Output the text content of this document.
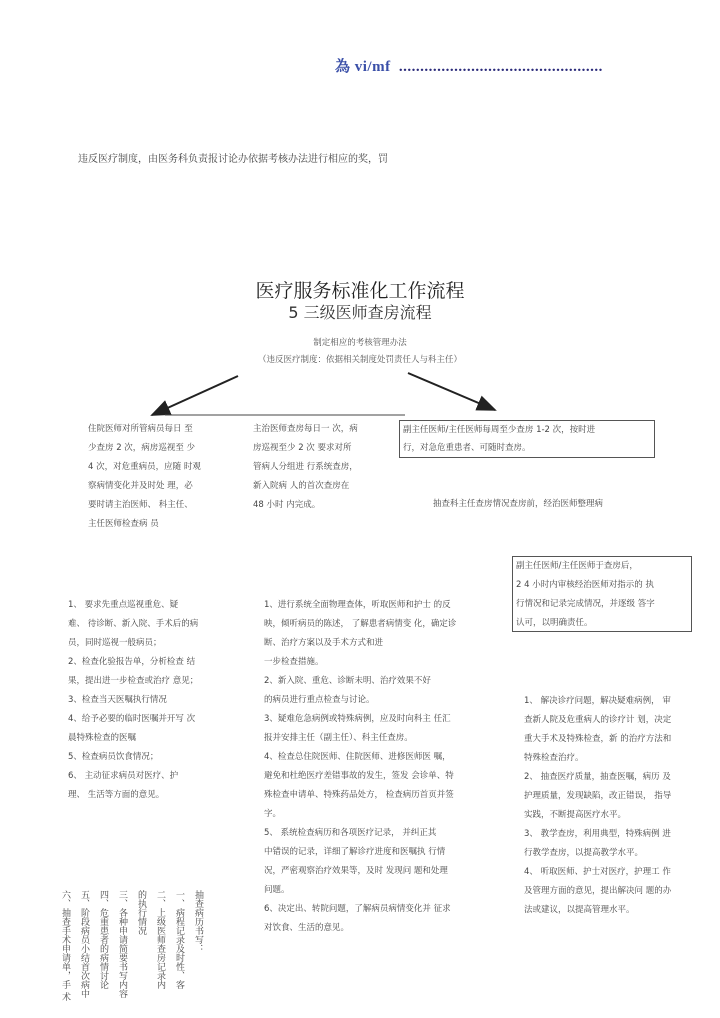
為 vi/mf ................................................
违反医疗制度，由医务科负责报讨论办依据考核办法进行相应的奖，罚
医疗服务标准化工作流程
5 三级医师查房流程
制定相应的考核管理办法
（违反医疗制度：依据相关制度处罚责任人与科主任）
住院医师对所管病员每日 至
少查房 2 次，病房巡视至 少
4 次，对危重病员，应随 时观
察病情变化并及时处 理，必
要时请主治医师、 科主任、
主任医师检查病 员
主治医师查房每日一 次，病
房巡视至少 2 次 要求对所
管病人分组进 行系统查房，
新入院病 人的首次查房在
48 小时 内完成。
副主任医师/主任医师每周至少查房 1-2 次，按时进
行，对急危重患者、可随时查房。
抽查科主任查房情况查房前，经治医师整理病
副主任医师/主任医师于查房后，
2 4 小时内审核经治医师对指示的 执
行情况和记录完成情况，并逐级 答字
认可，以明确责任。
1、 要求先重点巡视重危、疑
难、 待诊断、新入院、手术后的病
员，同时巡视一般病员；
2、检查化验报告单，分析检查 结
果，提出进一步检查或治疗 意见；
3、检查当天医嘱执行情况
4、给予必要的临时医嘱并开写 次
晨特殊检查的医嘱
5、检查病员饮食情况；
6、 主动征求病员对医疗、护
理、 生活等方面的意见。
1、进行系统全面物理查体，听取医师和护士 的反
映，倾听病员的陈述， 了解患者病情变 化，确定诊
断、治疗方案以及手术方式和进
一步检查措施。
2、新入院、重危、诊断未明、治疗效果不好
的病员进行重点检查与讨论。
3、疑难危急病例或特殊病例，应及时向科主 任汇
报并安排主任（副主任）、科主任查房。
4、检查总住院医师、住院医师、进修医师医 嘱，
避免和杜绝医疗差错事故的发生，签发 会诊单、特
殊检查申请单、特殊药品处方， 检查病历首页并签
字。
5、 系统检查病历和各项医疗记录， 并纠正其
中错误的记录，详细了解诊疗进度和医嘱执 行情
况，严密观察治疗效果等，及时 发现问 题和处理
问题。
6、决定出、转院问题，了解病员病情变化并 征求
对饮食、生活的意见。
1、 解决诊疗问题，解决疑难病例， 审
查新人院及危重病人的诊疗计 划，决定
重大手术及特殊检查，新 的治疗方法和
特殊检查治疗。
2、 抽查医疗质量，抽查医嘱，病历 及
护理质量，发现缺陷，改正错误， 指导
实践，不断提高医疗水平。
3、 教学查房，利用典型，特殊病例 进
行教学查房，以提高教学水平。
4、 听取医师、护士对医疗，护理工 作
及管理方面的意见，提出解决问 题的办
法或建议，以提高管理水平。
抽查病历书写：
一、病程记录及时性、客
二、上级医师查房记录内
的执行情况
三、各种申请简要书写内容
四、危重患者的病情讨论
五、阶段病员小结首次病中
六、抽查手术申请单，手 术
